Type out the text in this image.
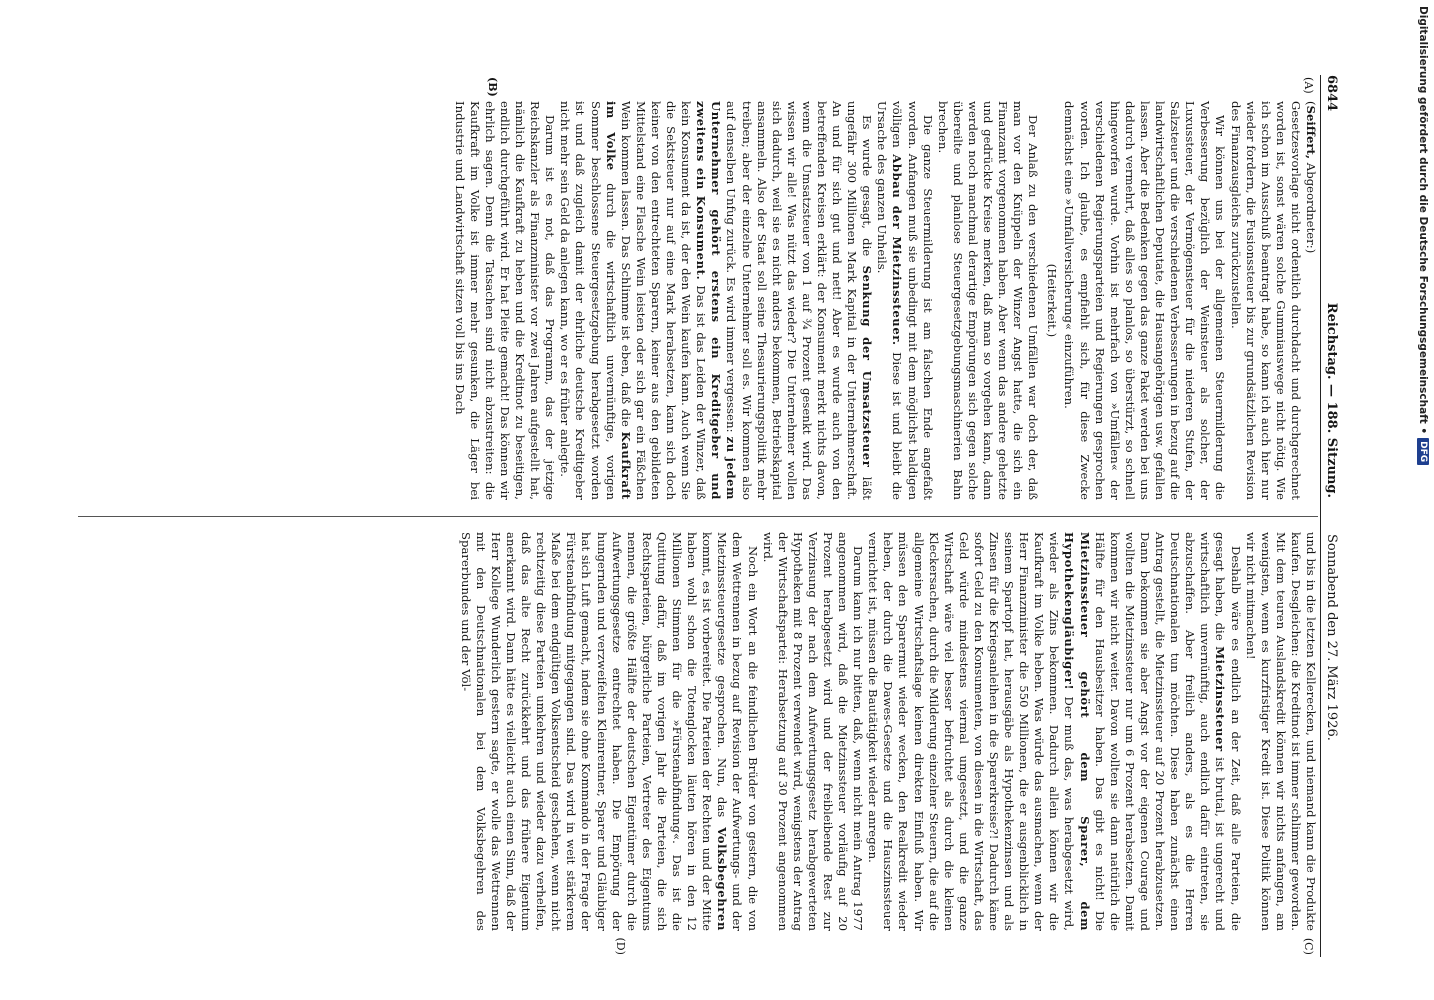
6844
Reichstag. — 188. Sitzung.
Sonnabend den 27. März 1926.
(A)
(B)

(Seiffert, Abgeordneter:)

Gesetzesvorlage nicht ordentlich durchdacht und durchgerechnet worden ist, sonst wären solche Gummiauswege nicht nötig. Wie ich schon im Ausschuß beantragt habe, so kann ich auch hier nur wieder fordern, die Fusionssteuer bis zur grundsätzlichen Revision des Finanzausgleichs zurückzustellen.

Wir können uns bei der allgemeinen Steuermilderung die Verbesserung bezüglich der Weinsteuer als solcher, der Luxussteuer, der Vermögensteuer für die niederen Stufen, der Salzsteuer und die verschiedenen Verbesserungen in bezug auf die landwirtschaftlichen Deputate, die Hausangehörigen usw. gefallen lassen. Aber die Bedenken gegen das ganze Paket werden bei uns dadurch vermehrt, daß alles so planlos, so überstürzt, so schnell hingeworfen wurde. Vorhin ist mehrfach von »Umfällen« der verschiedenen Regierungsparteien und Regierungen gesprochen worden. Ich glaube, es empfiehlt sich, für diese Zwecke demnächst eine »Umfallversicherung« einzuführen.

(Heiterkeit.)

Der Anlaß zu den verschiedenen Umfällen war doch der, daß man vor den Knüppeln der Winzer Angst hatte, die sich ein Finanzamt vorgenommen haben. Aber wenn das andere gehetzte und gedrückte Kreise merken, daß man so vorgehen kann, dann werden noch manchmal derartige Empörungen sich gegen solche übereilte und planlose Steuergesetzgebungsmaschinerien Bahn brechen.

Die ganze Steuermilderung ist am falschen Ende angefaßt worden. Anfangen muß sie unbedingt mit dem möglichst baldigen völligen Abbau der Mietzinssteuer. Diese ist und bleibt die Ursache des ganzen Unheils.

Es wurde gesagt, die Senkung der Umsatzsteuer läßt ungefähr 300 Millionen Mark Kapital in der Unternehmerschaft. An und für sich gut und nett! Aber es wurde auch von den betreffenden Kreisen erklärt: der Konsument merkt nichts davon, wenn die Umsatzsteuer von 1 auf ¾ Prozent gesenkt wird. Das wissen wir alle! Was nützt das wieder? Die Unternehmer wollen sich dadurch, weil sie es nicht anders bekommen, Betriebskapital ansammeln. Also der Staat soll seine Thesaurierungspolitik mehr treiben; aber der einzelne Unternehmer soll es. Wir kommen also auf denselben Unfug zurück. Es wird immer vergessen: zu jedem Unternehmer gehört erstens ein Kreditgeber und zweitens ein Konsument. Das ist das Leiden der Winzer, daß kein Konsument da ist, der den Wein kaufen kann. Auch wenn Sie die Sektsteuer nur auf eine Mark herabsetzen, kann sich doch keiner von den entrechteten Sparern, keiner aus den gebildeten Mittelstand eine Flasche Wein leisten oder sich gar ein Fäßchen Wein kommen lassen. Das Schlimme ist eben, daß die Kaufkraft im Volke durch die wirtschaftlich unvernünftige, vorigen Sommer beschlossene Steuergesetzgebung herabgesetzt worden ist und daß zugleich damit der ehrliche deutsche Kreditgeber nicht mehr sein Geld da anlegen kann, wo er es früher anlegte.

Darum ist es not, daß das Programm, das der jetzige Reichskanzler als Finanzminister vor zwei Jahren aufgestellt hat, nämlich die Kaufkraft zu heben und die Kreditnot zu beseitigen, endlich durchgeführt wird. Er hat Pleite gemacht! Das können wir ehrlich sagen. Denn die Tatsachen sind nicht abzustreiten: die Kaufkraft im Volke ist immer mehr gesunken, die Läger bei Industrie und Landwirtschaft sitzen voll bis ins Dach

(C)
(D)

und bis in die letzten Kellerecken, und niemand kann die Produkte kaufen. Desgleichen: die Kreditnot ist immer schlimmer geworden. Mit dem teuren Auslandskredit können wir nichts anfangen, am wenigsten, wenn es kurzfristiger Kredit ist. Diese Politik können wir nicht mitmachen!

Deshalb wäre es endlich an der Zeit, daß alle Parteien, die gesagt haben, die Mietzinssteuer ist brutal, ist ungerecht und wirtschaftlich unvernünftig, auch endlich dafür eintreten, sie abzuschaffen. Aber freilich anders, als es die Herren Deutschnationalen tun möchten. Diese haben zunächst einen Antrag gestellt, die Mietzinssteuer auf 20 Prozent herabzusetzen. Dann bekommen sie aber Angst vor der eigenen Courage und wollten die Mietzinssteuer nur um 6 Prozent herabsetzen. Damit kommen wir nicht weiter. Davon wollten sie dann natürlich die Hälfte für den Hausbesitzer haben. Das gibt es nicht! Die Mietzinssteuer gehört dem Sparer, dem Hypothekengläubiger! Der muß das, was herabgesetzt wird, wieder als Zins bekommen. Dadurch allein können wir die Kaufkraft im Volke heben. Was würde das ausmachen, wenn der Herr Finanzminister die 550 Millionen, die er ausgenblicklich in seinem Spartopf hat, herausgäbe als Hypothekenzinsen und als Zinsen für die Kriegsanleihen in die Sparerkreise?! Dadurch käme sofort Geld zu den Konsumenten, von diesen in die Wirtschaft, das Geld würde mindestens viermal umgesetzt, und die ganze Wirtschaft wäre viel besser befruchtet als durch die kleinen Kleckersachen, durch die Milderung einzelner Steuern, die auf die allgemeine Wirtschaftslage keinen direkten Einfluß haben. Wir müssen den Sparermut wieder wecken, den Realkredit wieder heben, der durch die Dawes-Gesetze und die Hauszinssteuer vernichtet ist, müssen die Bautätigkeit wieder anregen.

Darum kann ich nur bitten, daß, wenn nicht mein Antrag 1977 angenommen wird, daß die Mietzinssteuer vorläufig auf 20 Prozent herabgesetzt wird und der freibleibende Rest zur Verzinsung der nach dem Aufwertungsgesetz herabgewerteten Hypotheken mit 8 Prozent verwendet wird, wenigstens der Antrag der Wirtschaftspartei: Herabsetzung auf 30 Prozent angenommen wird.

Noch ein Wort an die feindlichen Brüder von gestern, die von dem Wettrennen in bezug auf Revision der Aufwertungs- und der Mietzinssteuergesetze gesprochen. Nun, das Volksbegehren kommt, es ist vorbereitet. Die Parteien der Rechten und der Mitte haben wohl schon die Totenglocken läuten hören in den 12 Millionen Stimmen für die »Fürstenabfindung«. Das ist die Quittung dafür, daß im vorigen Jahr die Parteien, die sich Rechtsparteien, bürgerliche Parteien, Vertreter des Eigentums nennen, die größte Hälfte der deutschen Eigentümer durch die Aufwertungsgesetze entrechtet haben. Die Empörung der hungernden und verzweifelten Kleinrentner, Sparer und Gläubiger hat sich Luft gemacht, indem sie ohne Kommando in der Frage der Fürstenabfindung mitgegangen sind. Das wird in weit stärkerem Maße bei dem endgültigen Volksentscheid geschehen, wenn nicht rechtzeitig diese Parteien umkehren und wieder dazu verhelfen, daß das alte Recht zurückkehrt und das frühere Eigentum anerkannt wird. Dann hätte es vielleicht auch einen Sinn, daß der Herr Kollege Wunderlich gestern sagte, er wolle das Wettrennen mit den Deutschnationalen bei dem Volksbegehren des Sparerbundes und der Völ-

Digitalisierung gefördert durch die Deutsche Forschungsgemeinschaft •
DFG
